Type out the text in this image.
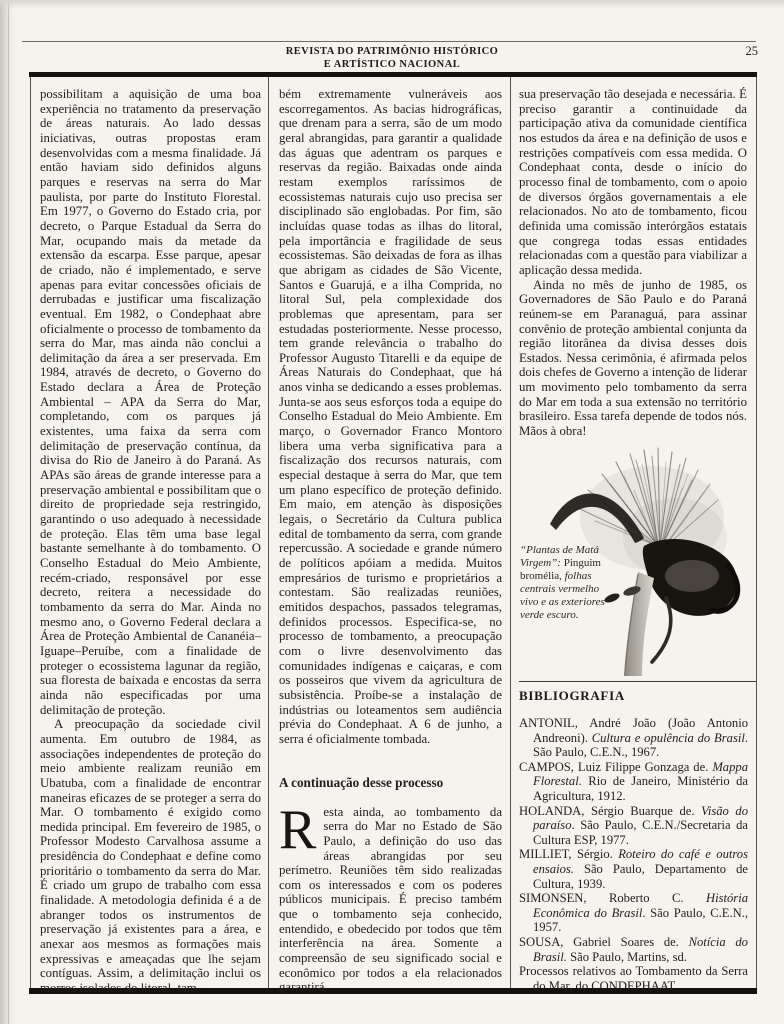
REVISTA DO PATRIMÔNIO HISTÓRICO
E ARTÍSTICO NACIONAL
25

possibilitam a aquisição de uma boa experiência no tratamento da preservação de áreas naturais. Ao lado dessas iniciativas, outras propostas eram desenvolvidas com a mesma finalidade. Já então haviam sido definidos alguns parques e reservas na serra do Mar paulista, por parte do Instituto Florestal. Em 1977, o Governo do Estado cria, por decreto, o Parque Estadual da Serra do Mar, ocupando mais da metade da extensão da escarpa. Esse parque, apesar de criado, não é implementado, e serve apenas para evitar concessões oficiais de derrubadas e justificar uma fiscalização eventual. Em 1982, o Condephaat abre oficialmente o processo de tombamento da serra do Mar, mas ainda não conclui a delimitação da área a ser preservada. Em 1984, através de decreto, o Governo do Estado declara a Área de Proteção Ambiental – APA da Serra do Mar, completando, com os parques já existentes, uma faixa da serra com delimitação de preservação contínua, da divisa do Rio de Janeiro à do Paraná. As APAs são áreas de grande interesse para a preservação ambiental e possibilitam que o direito de propriedade seja restringido, garantindo o uso adequado à necessidade de proteção. Elas têm uma base legal bastante semelhante à do tombamento. O Conselho Estadual do Meio Ambiente, recém-criado, responsável por esse decreto, reitera a necessidade do tombamento da serra do Mar. Ainda no mesmo ano, o Governo Federal declara a Área de Proteção Ambiental de Cananéia–Iguape–Peruíbe, com a finalidade de proteger o ecossistema lagunar da região, sua floresta de baixada e encostas da serra ainda não especificadas por uma delimitação de proteção.

A preocupação da sociedade civil aumenta. Em outubro de 1984, as associações independentes de proteção do meio ambiente realizam reunião em Ubatuba, com a finalidade de encontrar maneiras eficazes de se proteger a serra do Mar. O tombamento é exigido como medida principal. Em fevereiro de 1985, o Professor Modesto Carvalhosa assume a presidência do Condephaat e define como prioritário o tombamento da serra do Mar. É criado um grupo de trabalho com essa finalidade. A metodologia definida é a de abranger todos os instrumentos de preservação já existentes para a área, e anexar aos mesmos as formações mais expressivas e ameaçadas que lhe sejam contíguas. Assim, a delimitação inclui os morros isolados do litoral, tam-

bém extremamente vulneráveis aos escorregamentos. As bacias hidrográficas, que drenam para a serra, são de um modo geral abrangidas, para garantir a qualidade das águas que adentram os parques e reservas da região. Baixadas onde ainda restam exemplos raríssimos de ecossistemas naturais cujo uso precisa ser disciplinado são englobadas. Por fim, são incluídas quase todas as ilhas do litoral, pela importância e fragilidade de seus ecossistemas. São deixadas de fora as ilhas que abrigam as cidades de São Vicente, Santos e Guarujá, e a ilha Comprida, no litoral Sul, pela complexidade dos problemas que apresentam, para ser estudadas posteriormente. Nesse processo, tem grande relevância o trabalho do Professor Augusto Titarelli e da equipe de Áreas Naturais do Condephaat, que há anos vinha se dedicando a esses problemas. Junta-se aos seus esforços toda a equipe do Conselho Estadual do Meio Ambiente. Em março, o Governador Franco Montoro libera uma verba significativa para a fiscalização dos recursos naturais, com especial destaque à serra do Mar, que tem um plano específico de proteção definido. Em maio, em atenção às disposições legais, o Secretário da Cultura publica edital de tombamento da serra, com grande repercussão. A sociedade e grande número de políticos apóiam a medida. Muitos empresários de turismo e proprietários a contestam. São realizadas reuniões, emitidos despachos, passados telegramas, definidos processos. Especifica-se, no processo de tombamento, a preocupação com o livre desenvolvimento das comunidades indígenas e caiçaras, e com os posseiros que vivem da agricultura de subsistência. Proíbe-se a instalação de indústrias ou loteamentos sem audiência prévia do Condephaat. A 6 de junho, a serra é oficialmente tombada.

A continuação desse processo

Resta ainda, ao tombamento da serra do Mar no Estado de São Paulo, a definição do uso das áreas abrangidas por seu perímetro. Reuniões têm sido realizadas com os interessados e com os poderes públicos municipais. É preciso também que o tombamento seja conhecido, entendido, e obedecido por todos que têm interferência na área. Somente a compreensão de seu significado social e econômico por todos a ela relacionados garantirá

sua preservação tão desejada e necessária. É preciso garantir a continuidade da participação ativa da comunidade científica nos estudos da área e na definição de usos e restrições compatíveis com essa medida. O Condephaat conta, desde o início do processo final de tombamento, com o apoio de diversos órgãos governamentais a ele relacionados. No ato de tombamento, ficou definida uma comissão interórgãos estatais que congrega todas essas entidades relacionadas com a questão para viabilizar a aplicação dessa medida.

Ainda no mês de junho de 1985, os Governadores de São Paulo e do Paraná reúnem-se em Paranaguá, para assinar convênio de proteção ambiental conjunta da região litorânea da divisa desses dois Estados. Nessa cerimônia, é afirmada pelos dois chefes de Governo a intenção de liderar um movimento pelo tombamento da serra do Mar em toda a sua extensão no território brasileiro. Essa tarefa depende de todos nós. Mãos à obra!

“Plantas de Matá Virgem”: Pinguim bromélia, folhas centrais vermelho vivo e as exteriores verde escuro.
BIBLIOGRAFIA
ANTONIL, André João (João Antonio Andreoni). Cultura e opulência do Brasil. São Paulo, C.E.N., 1967.
CAMPOS, Luiz Filippe Gonzaga de. Mappa Florestal. Rio de Janeiro, Ministério da Agricultura, 1912.
HOLANDA, Sérgio Buarque de. Visão do paraíso. São Paulo, C.E.N./Secretaria da Cultura ESP, 1977.
MILLIET, Sérgio. Roteiro do café e outros ensaios. São Paulo, Departamento de Cultura, 1939.
SIMONSEN, Roberto C. História Econômica do Brasil. São Paulo, C.E.N., 1957.
SOUSA, Gabriel Soares de. Notícia do Brasil. São Paulo, Martins, sd.
Processos relativos ao Tombamento da Serra do Mar, do CONDEPHAAT.
